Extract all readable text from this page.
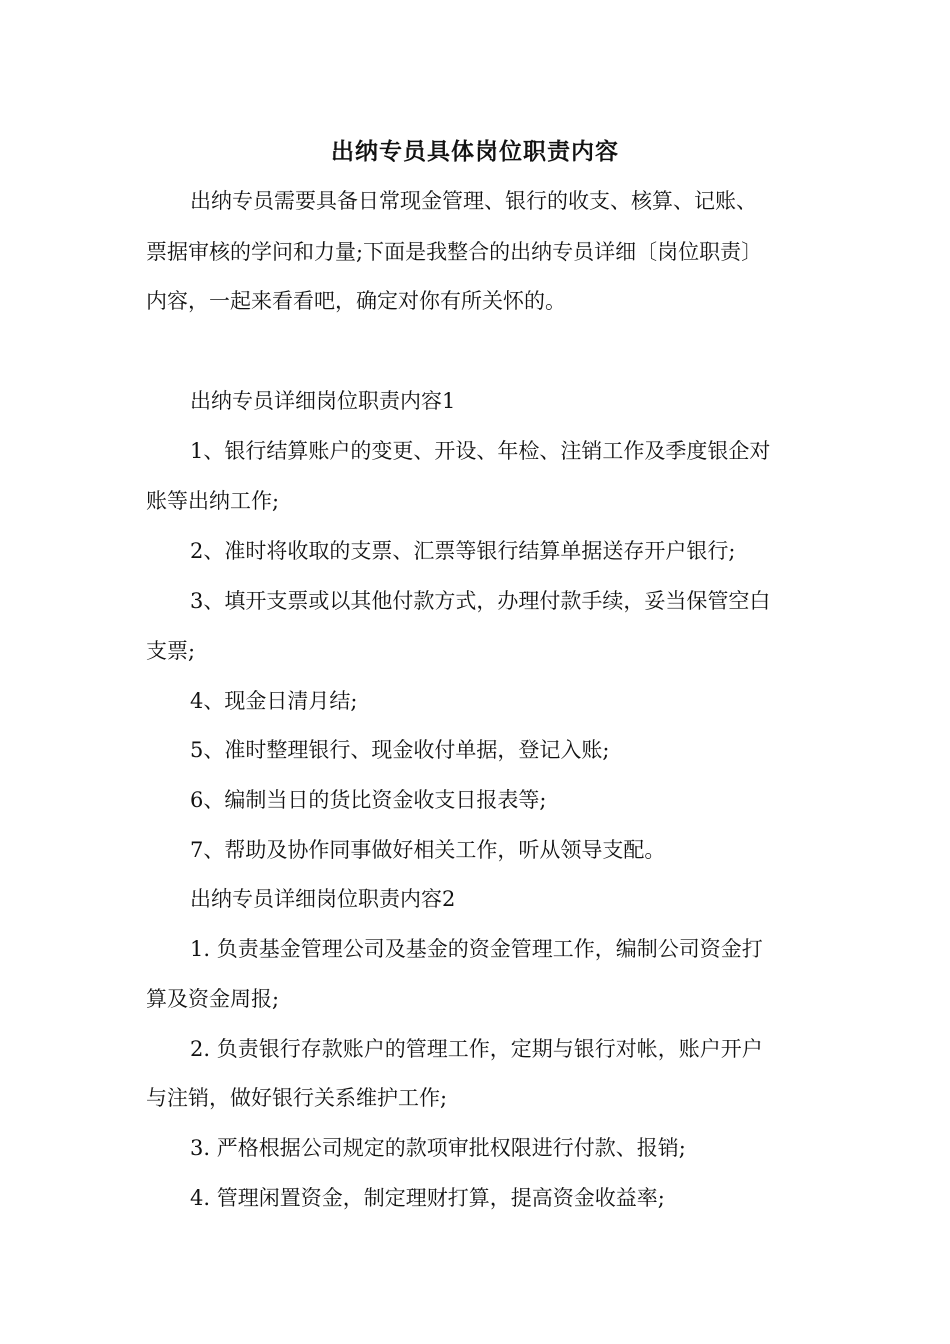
出纳专员具体岗位职责内容
出纳专员需要具备日常现金管理、银行的收支、核算、记账、
票据审核的学问和力量;下面是我整合的出纳专员详细〔岗位职责〕
内容，一起来看看吧，确定对你有所关怀的。
出纳专员详细岗位职责内容1
1、银行结算账户的变更、开设、年检、注销工作及季度银企对
账等出纳工作;
2、准时将收取的支票、汇票等银行结算单据送存开户银行;
3、填开支票或以其他付款方式，办理付款手续，妥当保管空白
支票;
4、现金日清月结;
5、准时整理银行、现金收付单据，登记入账;
6、编制当日的货比资金收支日报表等;
7、帮助及协作同事做好相关工作，听从领导支配。
出纳专员详细岗位职责内容2
1. 负责基金管理公司及基金的资金管理工作，编制公司资金打
算及资金周报;
2. 负责银行存款账户的管理工作，定期与银行对帐，账户开户
与注销，做好银行关系维护工作;
3. 严格根据公司规定的款项审批权限进行付款、报销;
4. 管理闲置资金，制定理财打算，提高资金收益率;
